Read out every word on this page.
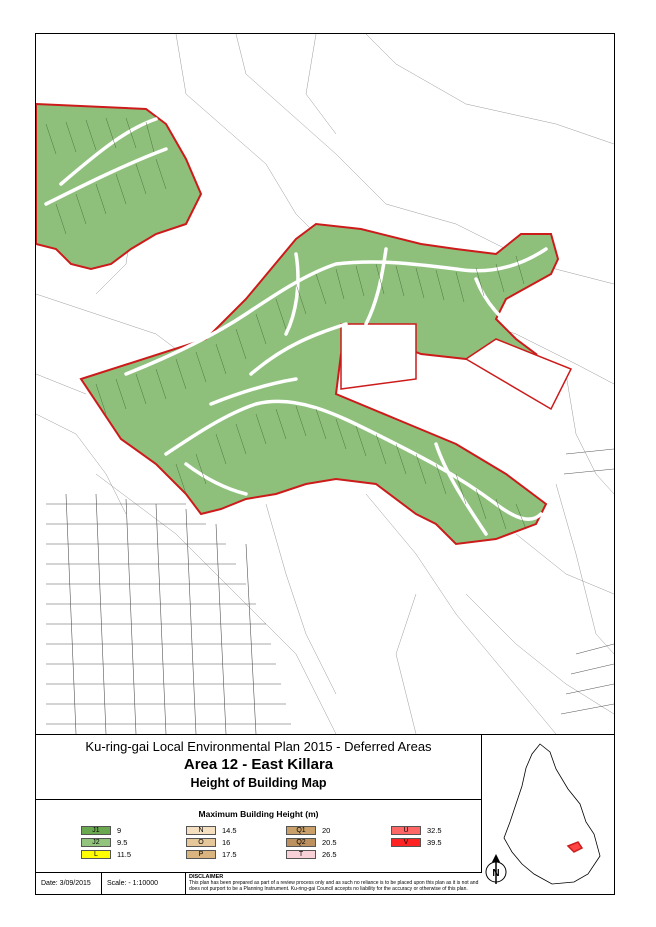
Ku-ring-gai Local Environmental Plan 2015 - Deferred Areas
Area 12 - East Killara
Height of Building Map
N
Maximum Building Height (m)
J1 9
J2 9.5
L	11.5
N 14.5
O 16
P 17.5
Q1 20
Q2 20.5
T	26.5
U 32.5
V 39.5
Date: 3/09/2015	Scale: - 1:10000
DISCLAIMER
This plan has been prepared as part of a review process only and as such no reliance is to be placed upon this plan as it is not and does not purport to be a Planning Instrument. Ku-ring-gai Council accepts no liability for the accuracy or otherwise of this plan.
